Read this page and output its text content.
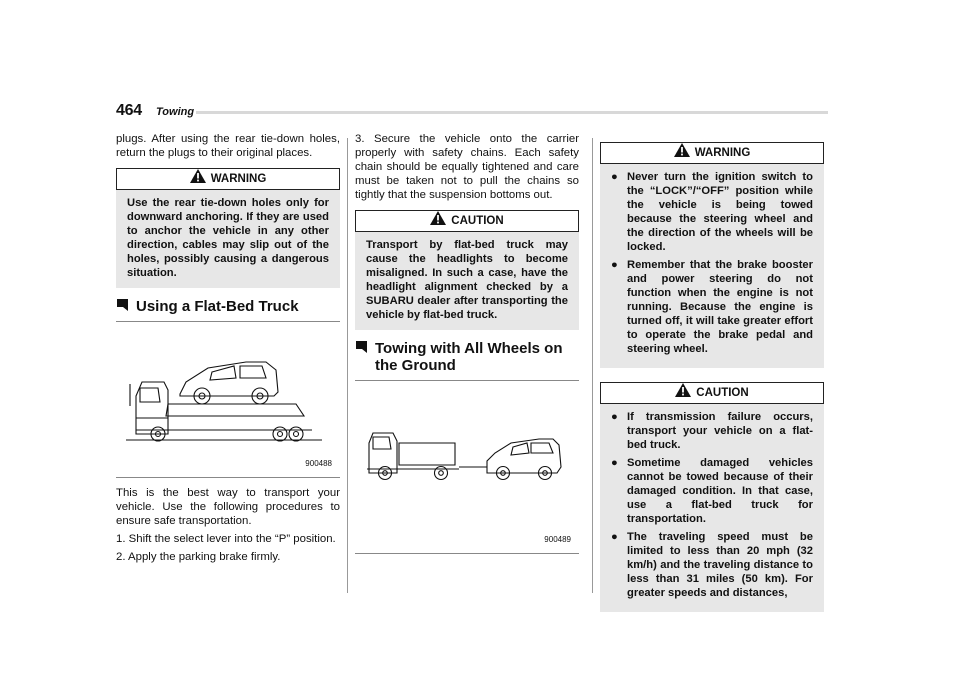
464 Towing

plugs. After using the rear tie-down holes, return the plugs to their original places.

WARNING
Use the rear tie-down holes only for downward anchoring. If they are used to anchor the vehicle in any other direction, cables may slip out of the holes, possibly causing a dangerous situation.
Using a Flat-Bed Truck
900488

This is the best way to transport your vehicle. Use the following procedures to ensure safe transportation.

1. Shift the select lever into the “P” position.

2. Apply the parking brake firmly.

3. Secure the vehicle onto the carrier properly with safety chains. Each safety chain should be equally tightened and care must be taken not to pull the chains so tightly that the suspension bottoms out.

CAUTION
Transport by flat-bed truck may cause the headlights to become misaligned. In such a case, have the headlight alignment checked by a SUBARU dealer after transporting the vehicle by flat-bed truck.
Towing with All Wheels on the Ground
900489
WARNING
● Never turn the ignition switch to the “LOCK”/“OFF” position while the vehicle is being towed because the steering wheel and the direction of the wheels will be locked.
● Remember that the brake booster and power steering do not function when the engine is not running. Because the engine is turned off, it will take greater effort to operate the brake pedal and steering wheel.
CAUTION
● If transmission failure occurs, transport your vehicle on a flat-bed truck.
● Sometime damaged vehicles cannot be towed because of their damaged condition. In that case, use a flat-bed truck for transportation.
● The traveling speed must be limited to less than 20 mph (32 km/h) and the traveling distance to less than 31 miles (50 km). For greater speeds and distances,
